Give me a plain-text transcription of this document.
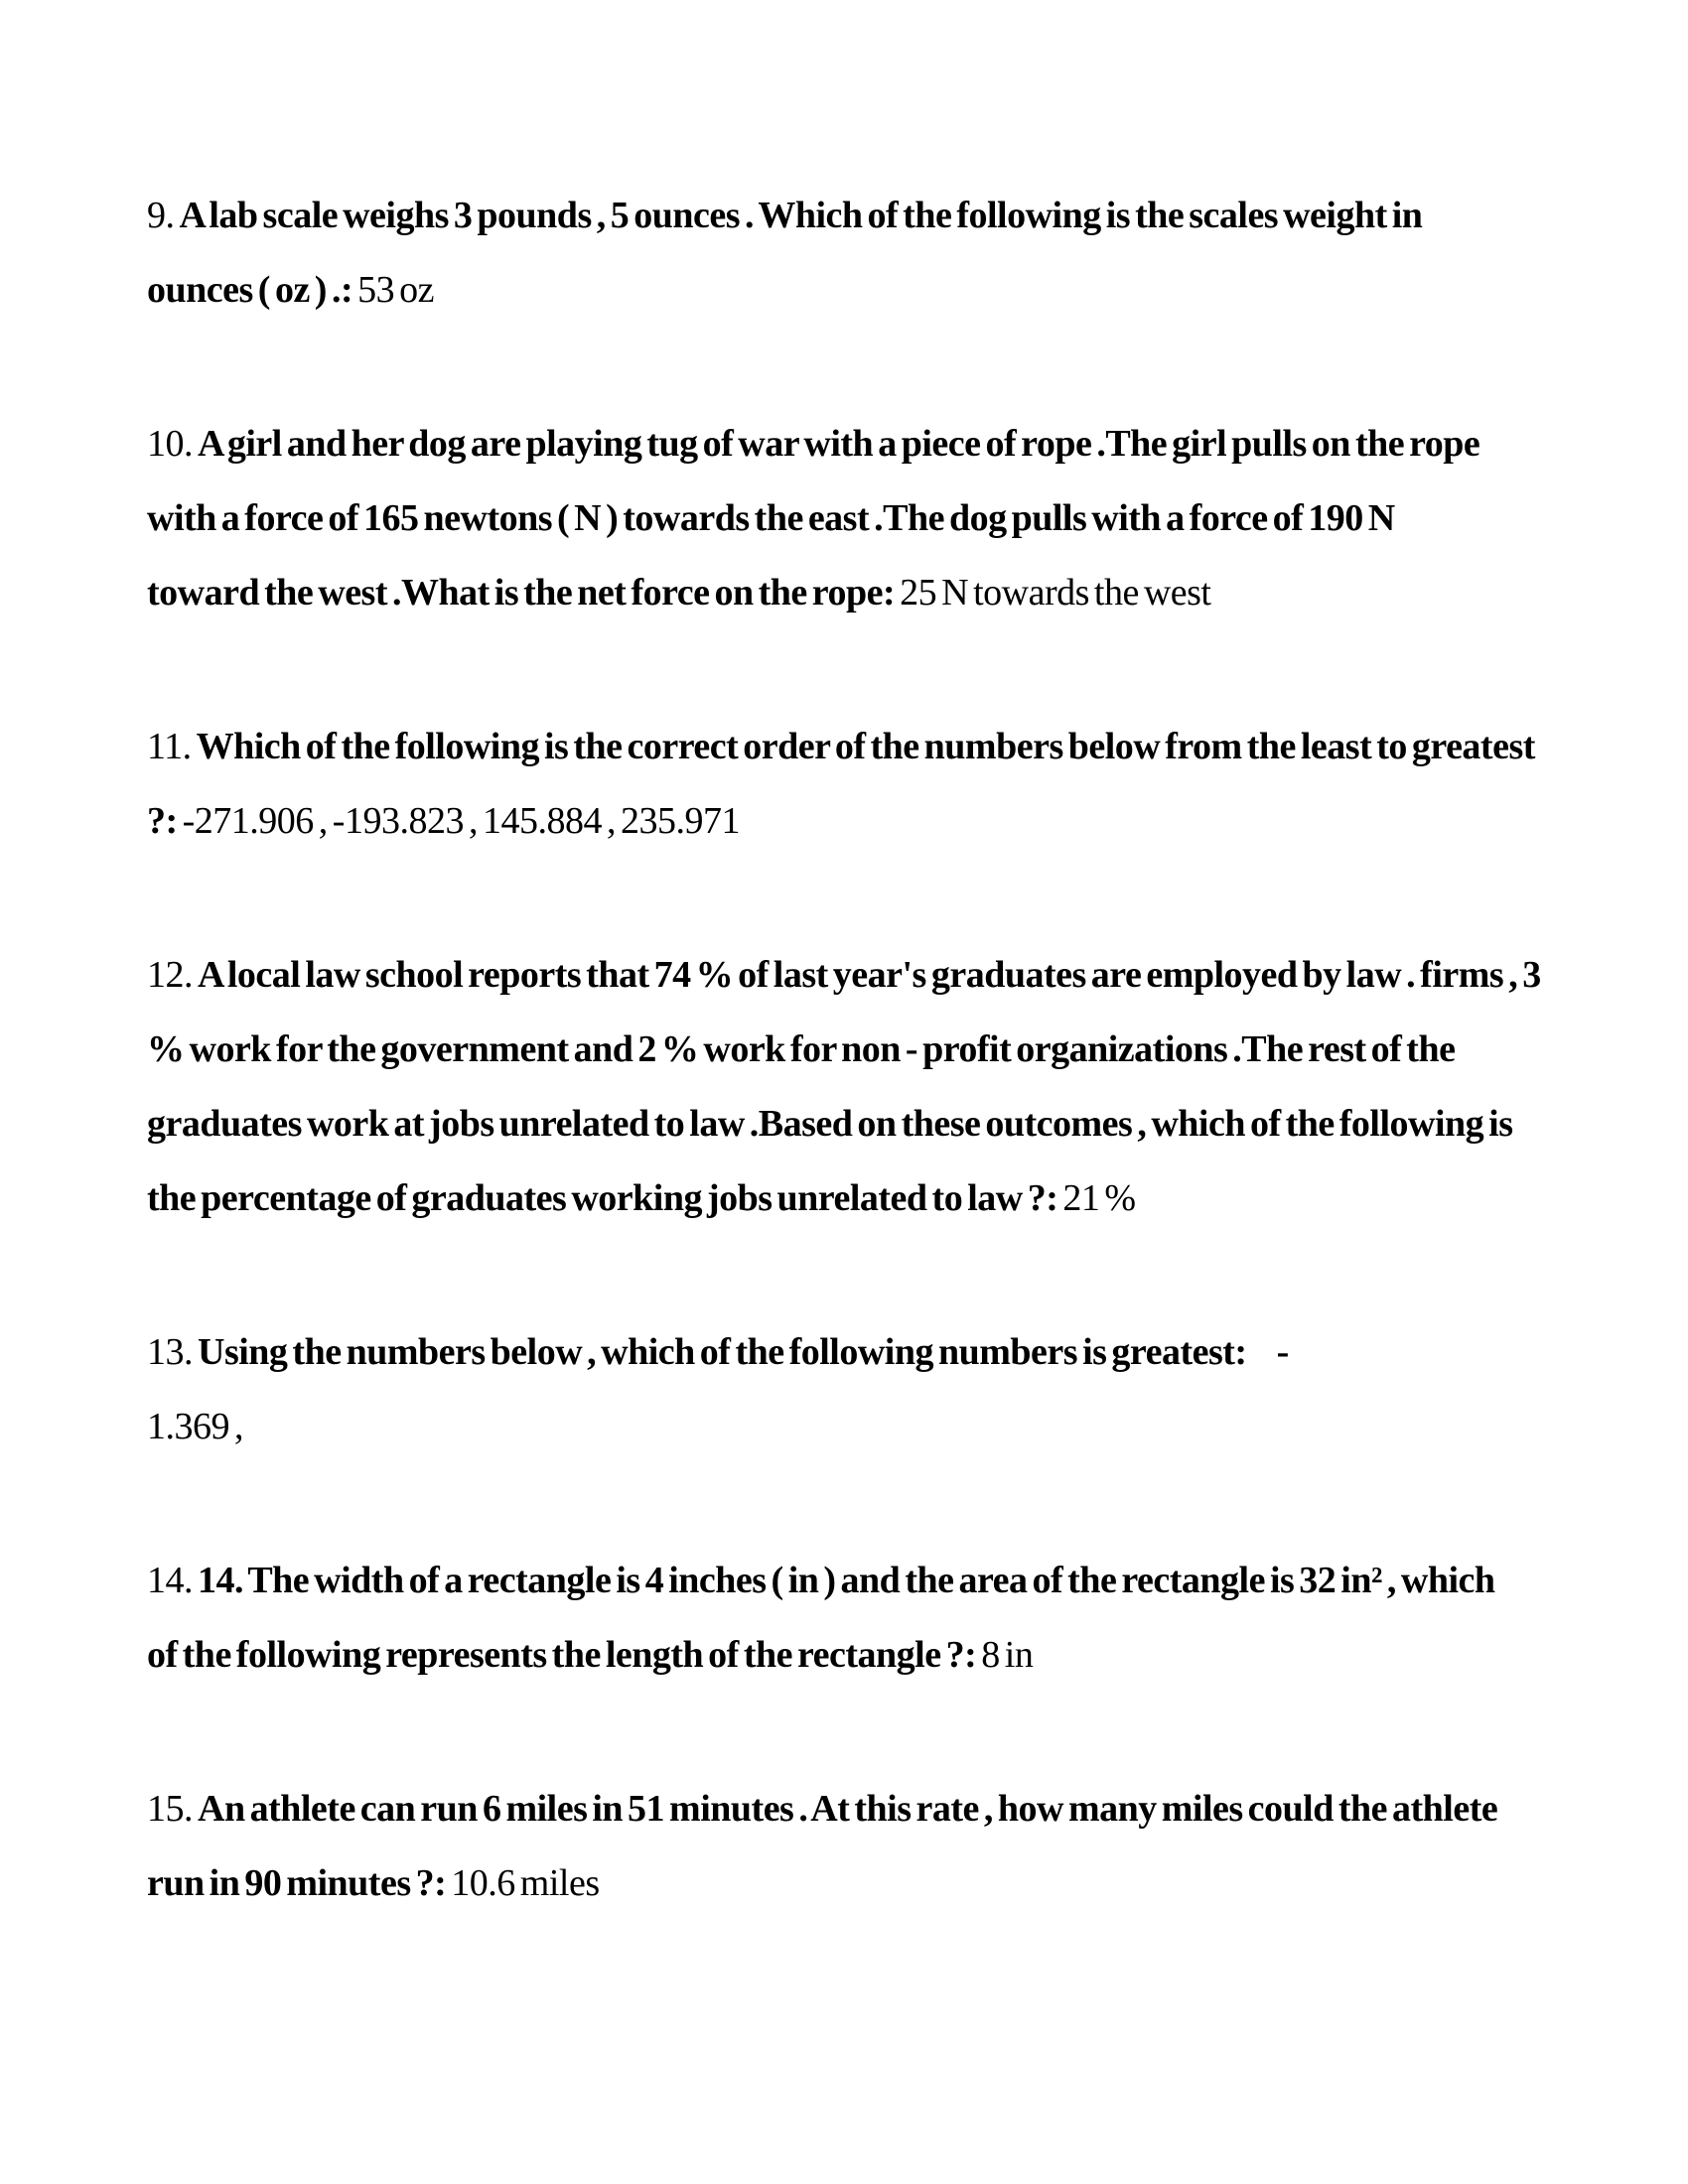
9. A lab scale weighs 3 pounds , 5 ounces . Which of the following is the scales weight in
ounces ( oz ) .: 53 oz
10. A girl and her dog are playing tug of war with a piece of rope .The girl pulls on the rope
with a force of 165 newtons ( N ) towards the east .The dog pulls with a force of 190 N
toward the west .What is the net force on the rope: 25 N towards the west
11. Which of the following is the correct order of the numbers below from the least to greatest
?: -271.906 , -193.823 , 145.884 , 235.971
12. A local law school reports that 74 % of last year's graduates are employed by law . firms , 3
% work for the government and 2 % work for non - profit organizations .The rest of the
graduates work at jobs unrelated to law .Based on these outcomes , which of the following is
the percentage of graduates working jobs unrelated to law ?: 21 %
13. Using the numbers below , which of the following numbers is greatest:      -
1.369 ,
14. 14. The width of a rectangle is 4 inches ( in ) and the area of the rectangle is 32 in² , which
of the following represents the length of the rectangle ?: 8 in
15. An athlete can run 6 miles in 51 minutes . At this rate , how many miles could the athlete
run in 90 minutes ?: 10.6 miles
